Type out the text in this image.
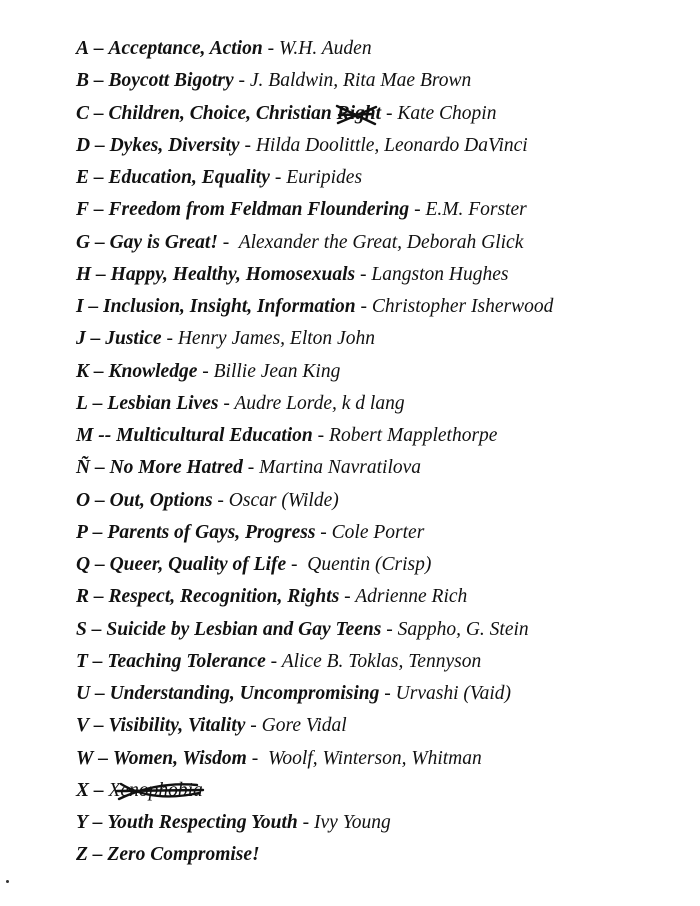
A – Acceptance, Action - W.H. Auden
B – Boycott Bigotry - J. Baldwin, Rita Mae Brown
C – Children, Choice, Christian Right - Kate Chopin
D – Dykes, Diversity - Hilda Doolittle, Leonardo DaVinci
E – Education, Equality - Euripides
F – Freedom from Feldman Floundering - E.M. Forster
G – Gay is Great! - Alexander the Great, Deborah Glick
H – Happy, Healthy, Homosexuals - Langston Hughes
I – Inclusion, Insight, Information - Christopher Isherwood
J – Justice - Henry James, Elton John
K – Knowledge - Billie Jean King
L – Lesbian Lives - Audre Lorde, k d lang
M -- Multicultural Education - Robert Mapplethorpe
Ñ – No More Hatred - Martina Navratilova
O – Out, Options - Oscar (Wilde)
P – Parents of Gays, Progress - Cole Porter
Q – Queer, Quality of Life - Quentin (Crisp)
R – Respect, Recognition, Rights - Adrienne Rich
S – Suicide by Lesbian and Gay Teens - Sappho, G. Stein
T – Teaching Tolerance - Alice B. Toklas, Tennyson
U – Understanding, Uncompromising - Urvashi (Vaid)
V – Visibility, Vitality - Gore Vidal
W – Women, Wisdom - Woolf, Winterson, Whitman
X – Xenophobia
Y – Youth Respecting Youth - Ivy Young
Z – Zero Compromise!
